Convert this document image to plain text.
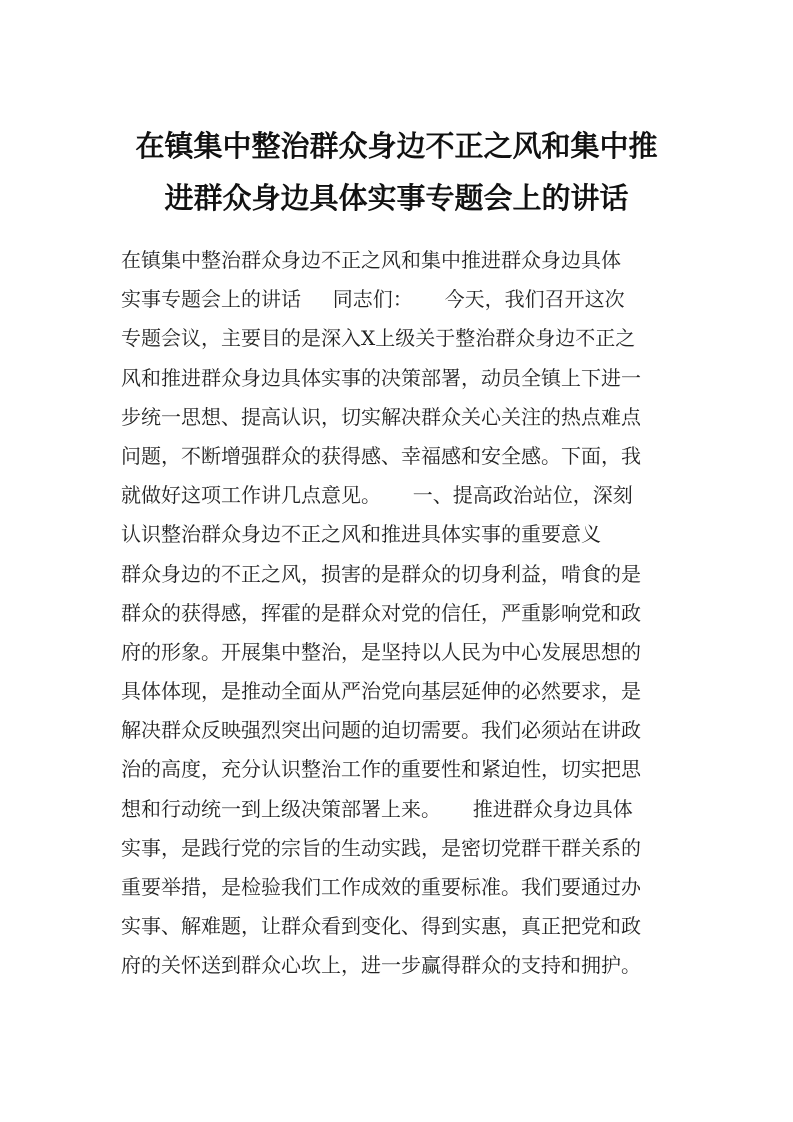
在镇集中整治群众身边不正之风和集中推
进群众身边具体实事专题会上的讲话
在镇集中整治群众身边不正之风和集中推进群众身边具体
实事专题会上的讲话     同志们：     今天，我们召开这次
专题会议，主要目的是深入X上级关于整治群众身边不正之
风和推进群众身边具体实事的决策部署，动员全镇上下进一
步统一思想、提高认识，切实解决群众关心关注的热点难点
问题，不断增强群众的获得感、幸福感和安全感。下面，我
就做好这项工作讲几点意见。     一、提高政治站位，深刻
认识整治群众身边不正之风和推进具体实事的重要意义
群众身边的不正之风，损害的是群众的切身利益，啃食的是
群众的获得感，挥霍的是群众对党的信任，严重影响党和政
府的形象。开展集中整治，是坚持以人民为中心发展思想的
具体体现，是推动全面从严治党向基层延伸的必然要求，是
解决群众反映强烈突出问题的迫切需要。我们必须站在讲政
治的高度，充分认识整治工作的重要性和紧迫性，切实把思
想和行动统一到上级决策部署上来。     推进群众身边具体
实事，是践行党的宗旨的生动实践，是密切党群干群关系的
重要举措，是检验我们工作成效的重要标准。我们要通过办
实事、解难题，让群众看到变化、得到实惠，真正把党和政
府的关怀送到群众心坎上，进一步赢得群众的支持和拥护。
